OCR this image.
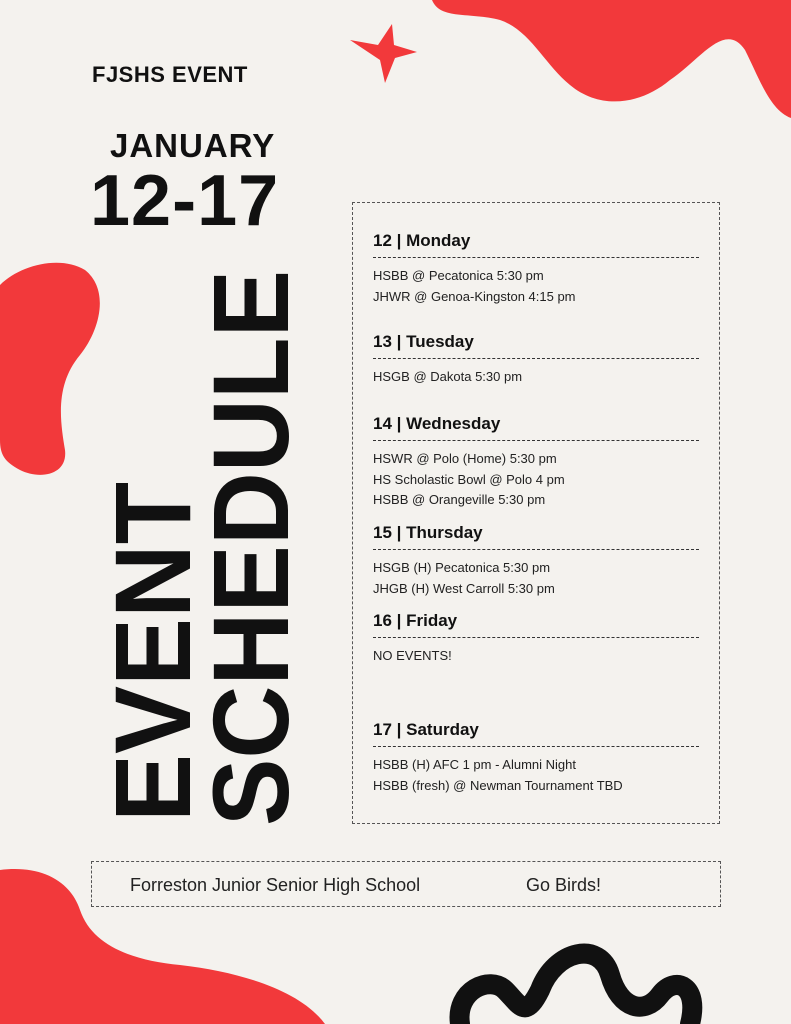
EVENT
SCHEDULE
FJSHS EVENT
JANUARY
12-17	12 | Monday
HSBB @ Pecatonica 5:30 pm
JHWR @ Genoa-Kingston 4:15 pm
13 | Tuesday
HSGB @ Dakota 5:30 pm
14 | Wednesday
HSWR @ Polo (Home) 5:30 pm
HS Scholastic Bowl @ Polo 4 pm
HSBB @ Orangeville 5:30 pm
15 | Thursday
HSGB (H) Pecatonica 5:30 pm
JHGB (H) West Carroll 5:30 pm
16 | Friday
NO EVENTS!
17 | Saturday
HSBB (H) AFC 1 pm - Alumni Night
HSBB (fresh) @ Newman Tournament TBD
Forreston Junior Senior High School	Go Birds!
